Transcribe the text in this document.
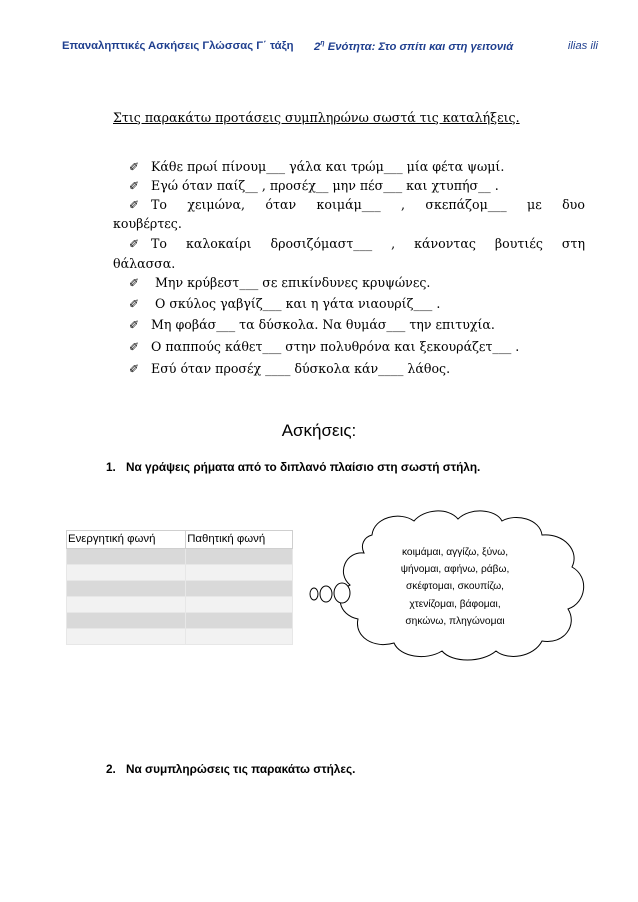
Επαναληπτικές Ασκήσεις Γλώσσας Γ΄ τάξη $2^\eta$ Ενότητα: Στο σπίτι και στη γειτονιά	ilias ili
Στις παρακάτω προτάσεις συμπληρώνω σωστά τις καταλήξεις.
✐ Κάθε πρωί πίνουμ___ γάλα και τρώμ___ μία φέτα ψωμί.
✐ Εγώ όταν παίζ__ , προσέχ__ μην πέσ___ και χτυπήσ__ .
✐ Το χειμώνα, όταν κοιμάμ___ , σκεπάζομ___ με δυο
κουβέρτες.
✐ Το καλοκαίρι δροσιζόμαστ___ , κάνοντας βουτιές στη
θάλασσα.
✐ Μην κρύβεστ___ σε επικίνδυνες κρυψώνες.
✐ Ο σκύλος γαβγίζ___ και η γάτα νιαουρίζ___ .
✐ Μη φοβάσ___ τα δύσκολα. Να θυμάσ___ την επιτυχία.
✐ Ο παππούς κάθετ___ στην πολυθρόνα και ξεκουράζετ___ .
✐ Εσύ όταν προσέχ ____ δύσκολα κάν____ λάθος.
Ασκήσεις:
1. Να γράψεις ρήματα από το διπλανό πλαίσιο στη σωστή στήλη.
Ενεργητική φωνή	Παθητική φωνή

κοιμάμαι, αγγίζω, ξύνω,
ψήνομαι, αφήνω, ράβω,
σκέφτομαι, σκουπίζω,
χτενίζομαι, βάφομαι,
σηκώνω, πληγώνομαι
2. Να συμπληρώσεις τις παρακάτω στήλες.
